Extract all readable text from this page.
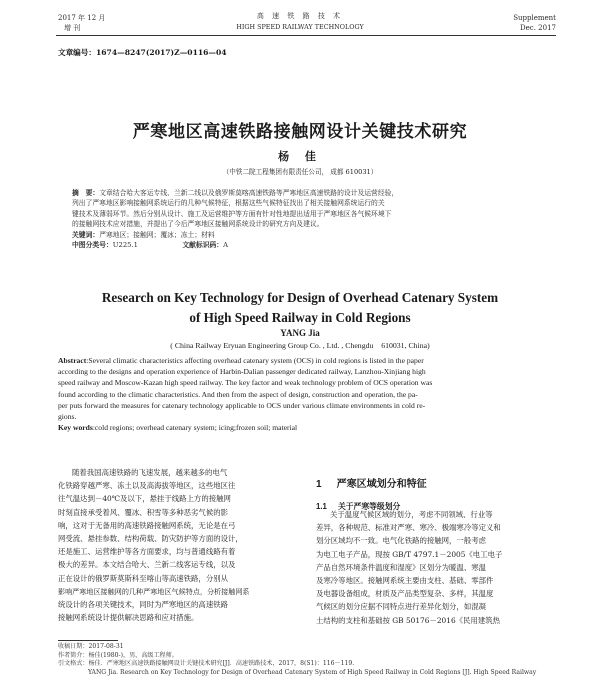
2017 年 12 月
增 刊
高 速 铁 路 技 术
HIGH SPEED RAILWAY TECHNOLOGY
Supplement
Dec. 2017
文章编号：1674—8247(2017)Z—0116—04
严寒地区高速铁路接触网设计关键技术研究
杨 佳
（中铁二院工程集团有限责任公司， 成都 610031）
摘　要：文章结合哈大客运专线、兰新二线以及俄罗斯莫喀高速铁路等严寒地区高速铁路的设计及运营经验，
列出了严寒地区影响接触网系统运行的几种气候特征，根据这些气候特征找出了相关接触网系统运行的关
键技术及薄弱环节。然后分别从设计、施工及运营维护等方面有针对性地提出适用于严寒地区各气候环境下
的接触网技术应对措施，并提出了今后严寒地区接触网系统设计的研究方向及建议。
关键词：严寒地区；接触网；覆冰；冻土；材料
中图分类号：U225.1	文献标识码：A
Research on Key Technology for Design of Overhead Catenary System
of High Speed Railway in Cold Regions
YANG Jia
( China Railway Eryuan Engineering Group Co. , Ltd. , Chengdu　610031, China)
Abstract:Several climatic characteristics affecting overhead catenary system (OCS) in cold regions is listed in the paper
according to the designs and operation experience of Harbin-Dalian passenger dedicated railway, Lanzhou-Xinjiang high
speed railway and Moscow-Kazan high speed railway. The key factor and weak technology problem of OCS operation was
found according to the climatic characteristics. And then from the aspect of design, construction and operation, the pa-
per puts forward the measures for catenary technology applicable to OCS under various climate environments in cold re-
gions.
Key words:cold regions; overhead catenary system; icing;frozen soil; material
随着我国高速铁路的飞速发展，越来越多的电气
化铁路穿越严寒、冻土以及高海拔等地区，这些地区往
往气温达到－40℃及以下，悬挂于线路上方的接触网
时刻直接承受着风、覆冰、积雪等多种恶劣气候的影
响，这对于无备用的高速铁路接触网系统，无论是在弓
网受流、悬挂参数、结构荷载、防灾防护等方面的设计，
还是施工、运营维护等各方面要求，均与普通线路有着
极大的差异。本文结合哈大、兰新二线客运专线，以及
正在设计的俄罗斯莫斯科至喀山等高速铁路，分别从
影响严寒地区接触网的几种严寒地区气候特点，分析接触网系
统设计的各项关键技术，同时为严寒地区的高速铁路
接触网系统设计提供解决思路和应对措施。
1 严寒区域划分和特征
1.1 关于严寒等级划分
关于温度气候区域的划分，考虑不同领域、行业等
差异，各种规范、标准对严寒、寒冷、极端寒冷等定义和
划分区域均不一致。电气化铁路的接触网，一般考虑
为电工电子产品，现按 GB/T 4797.1－2005《电工电子
产品自然环境条件温度和湿度》区划分为暖温、寒温
及寒冷等地区。接触网系统主要由支柱、基础、零部件
及电器设备组成，材质及产品类型复杂、多样，其温度
气候区的划分应据不同特点进行差异化划分，如混凝
土结构的支柱和基础按 GB 50176－2016《民用建筑热
收稿日期：2017-08-31
作者简介：杨佳(1980-)，男，高级工程师。
引文格式：杨佳．严寒地区高速铁路接触网设计关键技术研究[J]．高速铁路技术，2017，8(S1)：116－119.
YANG Jia. Research on Key Technology for Design of Overhead Catenary System of High Speed Railway in Cold Regions [J]. High Speed Railway
